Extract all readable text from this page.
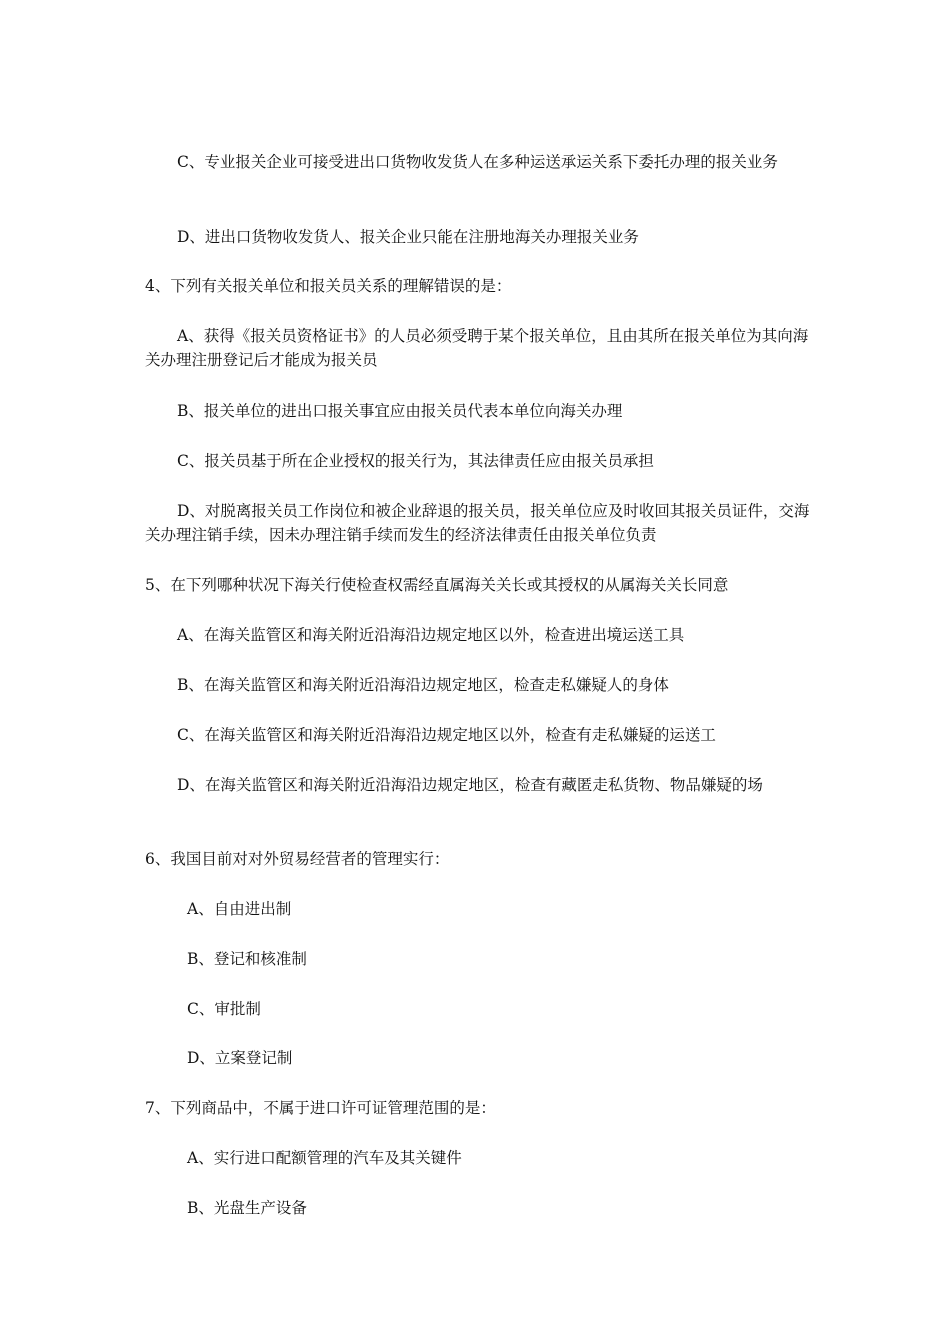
C、专业报关企业可接受进出口货物收发货人在多种运送承运关系下委托办理的报关业务

D、进出口货物收发货人、报关企业只能在注册地海关办理报关业务

4、下列有关报关单位和报关员关系的理解错误的是：

A、获得《报关员资格证书》的人员必须受聘于某个报关单位，且由其所在报关单位为其向海关办理注册登记后才能成为报关员

B、报关单位的进出口报关事宜应由报关员代表本单位向海关办理

C、报关员基于所在企业授权的报关行为，其法律责任应由报关员承担

D、对脱离报关员工作岗位和被企业辞退的报关员，报关单位应及时收回其报关员证件，交海关办理注销手续，因未办理注销手续而发生的经济法律责任由报关单位负责

5、在下列哪种状况下海关行使检查权需经直属海关关长或其授权的从属海关关长同意

A、在海关监管区和海关附近沿海沿边规定地区以外，检查进出境运送工具

B、在海关监管区和海关附近沿海沿边规定地区，检查走私嫌疑人的身体

C、在海关监管区和海关附近沿海沿边规定地区以外，检查有走私嫌疑的运送工

D、在海关监管区和海关附近沿海沿边规定地区，检查有藏匿走私货物、物品嫌疑的场

6、我国目前对对外贸易经营者的管理实行：

A、自由进出制

B、登记和核准制

C、审批制

D、立案登记制

7、下列商品中，不属于进口许可证管理范围的是：

A、实行进口配额管理的汽车及其关键件

B、光盘生产设备
